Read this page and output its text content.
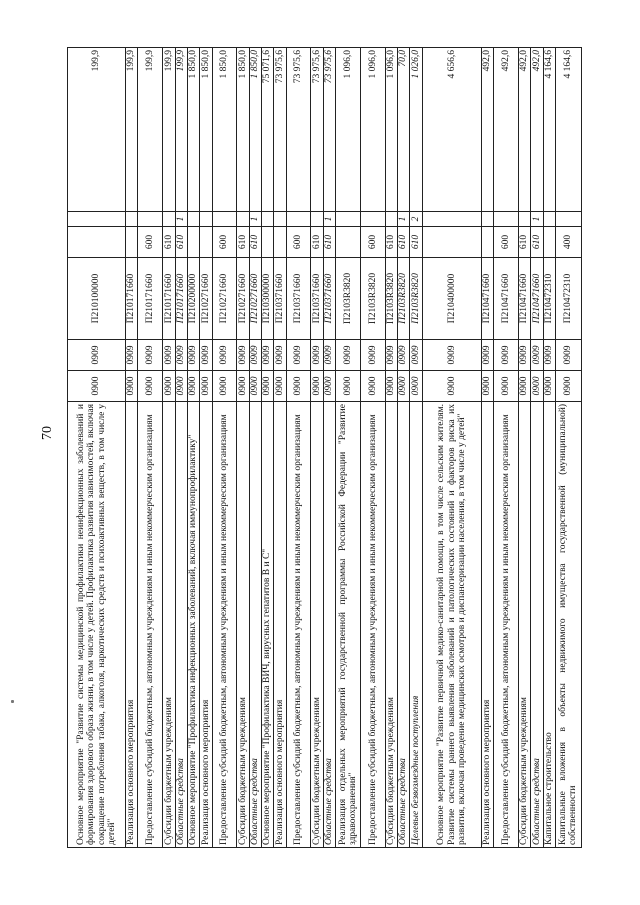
70 Основное мероприятие "Развитие системы медицинской профилактики неинфекционных заболеваний и формирования здорового образа жизни, в том числе у детей. Профилактика развития зависимостей, включая сокращение потребления табака, алкоголя, наркотических средств и психоактивных веществ, в том числе у детей"	0900	0909	П210100000			199,9
Реализация основного мероприятия	0900	0909	П210171660			199,9
Предоставление субсидий бюджетным, автономным учреждениям и иным некоммерческим организациям	0900	0909	П210171660	600		199,9
Субсидии бюджетным учреждениям	0900	0909	П210171660	610		199,9
Областные средства	0900	0909	П210171660	610	1	199,9
Основное мероприятие "Профилактика инфекционных заболеваний, включая иммунопрофилактику"	0900	0909	П210200000			1 850,0
Реализация основного мероприятия	0900	0909	П210271660			1 850,0
Предоставление субсидий бюджетным, автономным учреждениям и иным некоммерческим организациям	0900	0909	П210271660	600		1 850,0
Субсидии бюджетным учреждениям	0900	0909	П210271660	610		1 850,0
Областные средства	0900	0909	П210271660	610	1	1 850,0
Основное мероприятие "Профилактика ВИЧ, вирусных гепатитов В и С"	0900	0909	П210300000			75 071,6
Реализация основного мероприятия	0900	0909	П210371660			73 975,6
Предоставление субсидий бюджетным, автономным учреждениям и иным некоммерческим организациям	0900	0909	П210371660	600		73 975,6
Субсидии бюджетным учреждениям	0900	0909	П210371660	610		73 975,6
Областные средства	0900	0909	П210371660	610	1	73 975,6
Реализация отдельных мероприятий государственной программы Российской Федерации "Развитие здравоохранения"	0900	0909	П2103R3820			1 096,0
Предоставление субсидий бюджетным, автономным учреждениям и иным некоммерческим организациям	0900	0909	П2103R3820	600		1 096,0
Субсидии бюджетным учреждениям	0900	0909	П2103R3820	610		1 096,0
Областные средства	0900	0909	П2103R3820	610	1	70,0
Целевые безвозмездные поступления	0900	0909	П2103R3820	610	2	1 026,0
Основное мероприятие "Развитие первичной медико-санитарной помощи, в том числе сельским жителям. Развитие системы раннего выявления заболеваний и патологических состояний и факторов риска их развития, включая проведение медицинских осмотров и диспансеризации населения, в том числе у детей"	0900	0909	П210400000			4 656,6
Реализация основного мероприятия	0900	0909	П210471660			492,0
Предоставление субсидий бюджетным, автономным учреждениям и иным некоммерческим организациям	0900	0909	П210471660	600		492,0
Субсидии бюджетным учреждениям	0900	0909	П210471660	610		492,0
Областные средства	0900	0909	П210471660	610	1	492,0
Капитальное строительство	0900	0909	П210472310			4 164,6
Капитальные вложения в объекты недвижимого имущества государственной (муниципальной) собственности	0900	0909	П210472310	400		4 164,6
